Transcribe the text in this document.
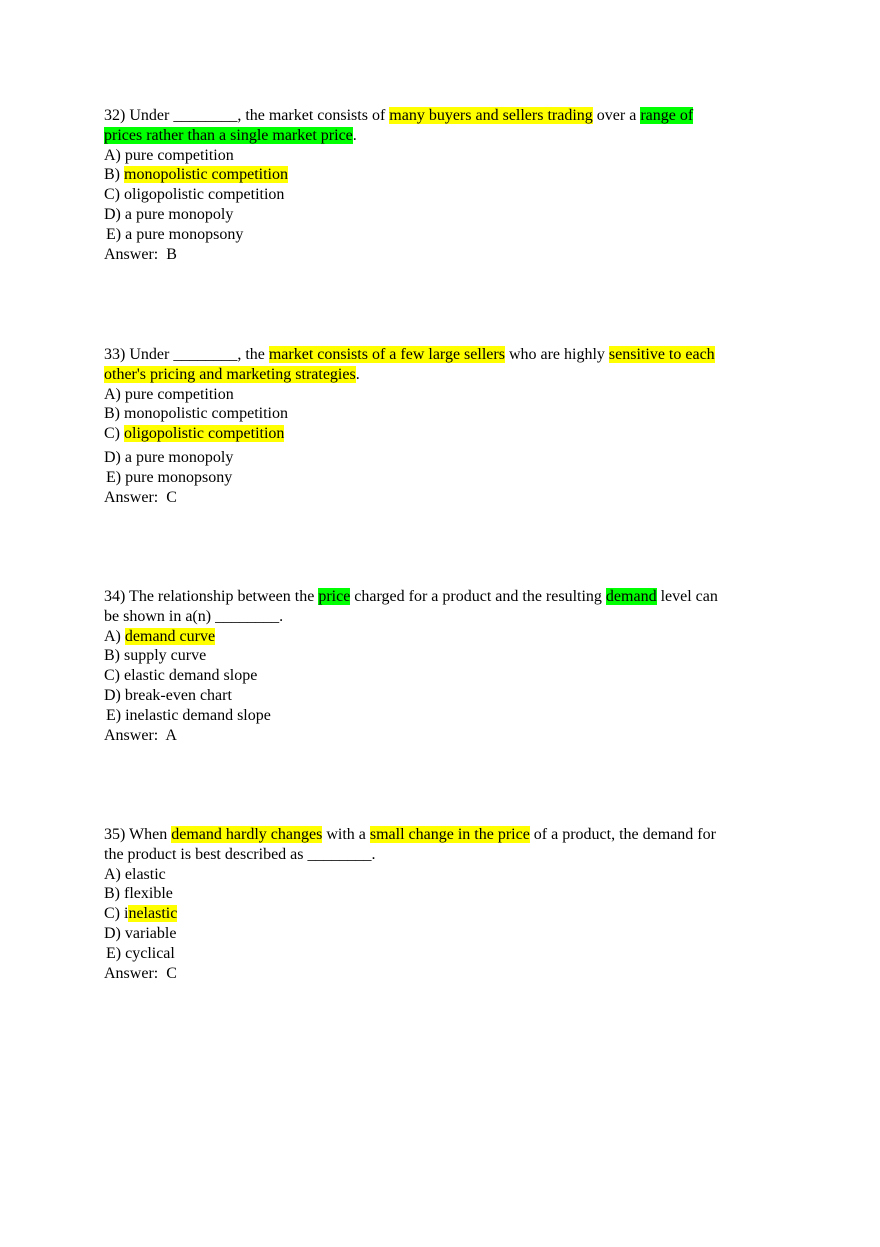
32) Under ________, the market consists of many buyers and sellers trading over a range of
prices rather than a single market price.

A) pure competition
B) monopolistic competition
C) oligopolistic competition
D) a pure monopoly
E) a pure monopsony
Answer:  B

33) Under ________, the market consists of a few large sellers who are highly sensitive to each
other's pricing and marketing strategies.

A) pure competition
B) monopolistic competition
C) oligopolistic competition
D) a pure monopoly
E) pure monopsony
Answer:  C

34) The relationship between the price charged for a product and the resulting demand level can
be shown in a(n) ________.

A) demand curve
B) supply curve
C) elastic demand slope
D) break-even chart
E) inelastic demand slope
Answer:  A

35) When demand hardly changes with a small change in the price of a product, the demand for
the product is best described as ________.

A) elastic
B) flexible
C) inelastic
D) variable
E) cyclical
Answer:  C
